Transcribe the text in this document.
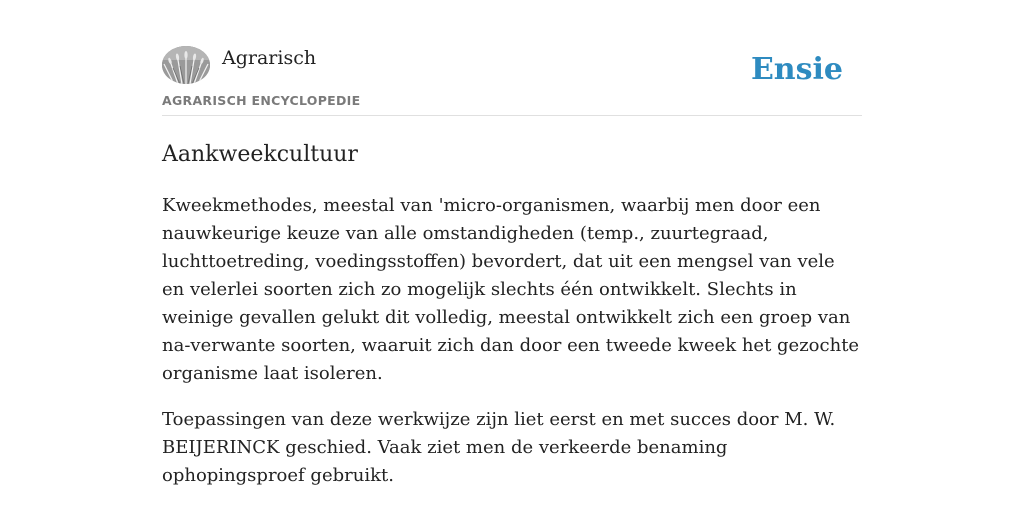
Agrarisch
AGRARISCH ENCYCLOPEDIE
Ensie
Aankweekcultuur

Kweekmethodes, meestal van 'micro-organismen, waarbij men door een nauwkeurige keuze van alle omstandigheden (temp., zuurtegraad, luchttoetreding, voedingsstoffen) bevordert, dat uit een mengsel van vele en velerlei soorten zich zo mogelijk slechts één ontwikkelt. Slechts in weinige gevallen gelukt dit volledig, meestal ontwikkelt zich een groep van na-verwante soorten, waaruit zich dan door een tweede kweek het gezochte organisme laat isoleren.

Toepassingen van deze werkwijze zijn liet eerst en met succes door M. W. BEIJERINCK geschied. Vaak ziet men de verkeerde benaming ophopingsproef gebruikt.
